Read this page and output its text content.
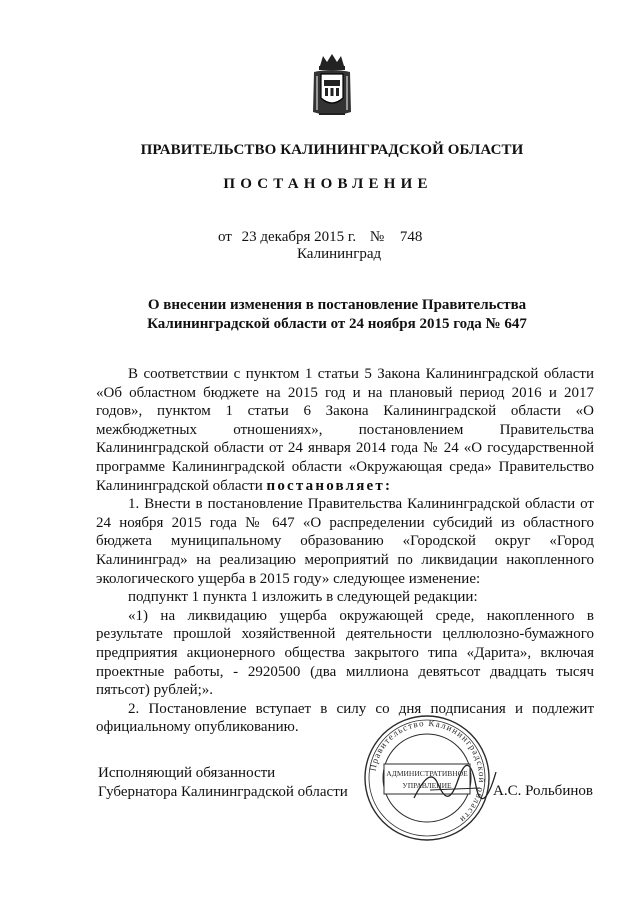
ПРАВИТЕЛЬСТВО КАЛИНИНГРАДСКОЙ ОБЛАСТИ
ПОСТАНОВЛЕНИЕ
от 23 декабря 2015 г. № 748
Калининград
О внесении изменения в постановление Правительства
Калининградской области от 24 ноября 2015 года № 647

В соответствии с пунктом 1 статьи 5 Закона Калининградской области «Об областном бюджете на 2015 год и на плановый период 2016 и 2017 годов», пунктом 1 статьи 6 Закона Калининградской области «О межбюджетных отношениях», постановлением Правительства Калининградской области от 24 января 2014 года № 24 «О государственной программе Калининградской области «Окружающая среда» Правительство Калининградской области постановляет:

1. Внести в постановление Правительства Калининградской области от 24 ноября 2015 года № 647 «О распределении субсидий из областного бюджета муниципальному образованию «Городской округ «Город Калининград» на реализацию мероприятий по ликвидации накопленного экологического ущерба в 2015 году» следующее изменение:

подпункт 1 пункта 1 изложить в следующей редакции:

«1) на ликвидацию ущерба окружающей среде, накопленного в результате прошлой хозяйственной деятельности целлюлозно-бумажного предприятия акционерного общества закрытого типа «Дарита», включая проектные работы, - 2920500 (два миллиона девятьсот двадцать тысяч пятьсот) рублей;».

2. Постановление вступает в силу со дня подписания и подлежит официальному опубликованию.

Правительство Калининградской области
АДМИНИСТРАТИВНОЕ
УПРАВЛЕНИЕ
Исполняющий обязанности
Губернатора Калининградской области	А.С. Рольбинов
